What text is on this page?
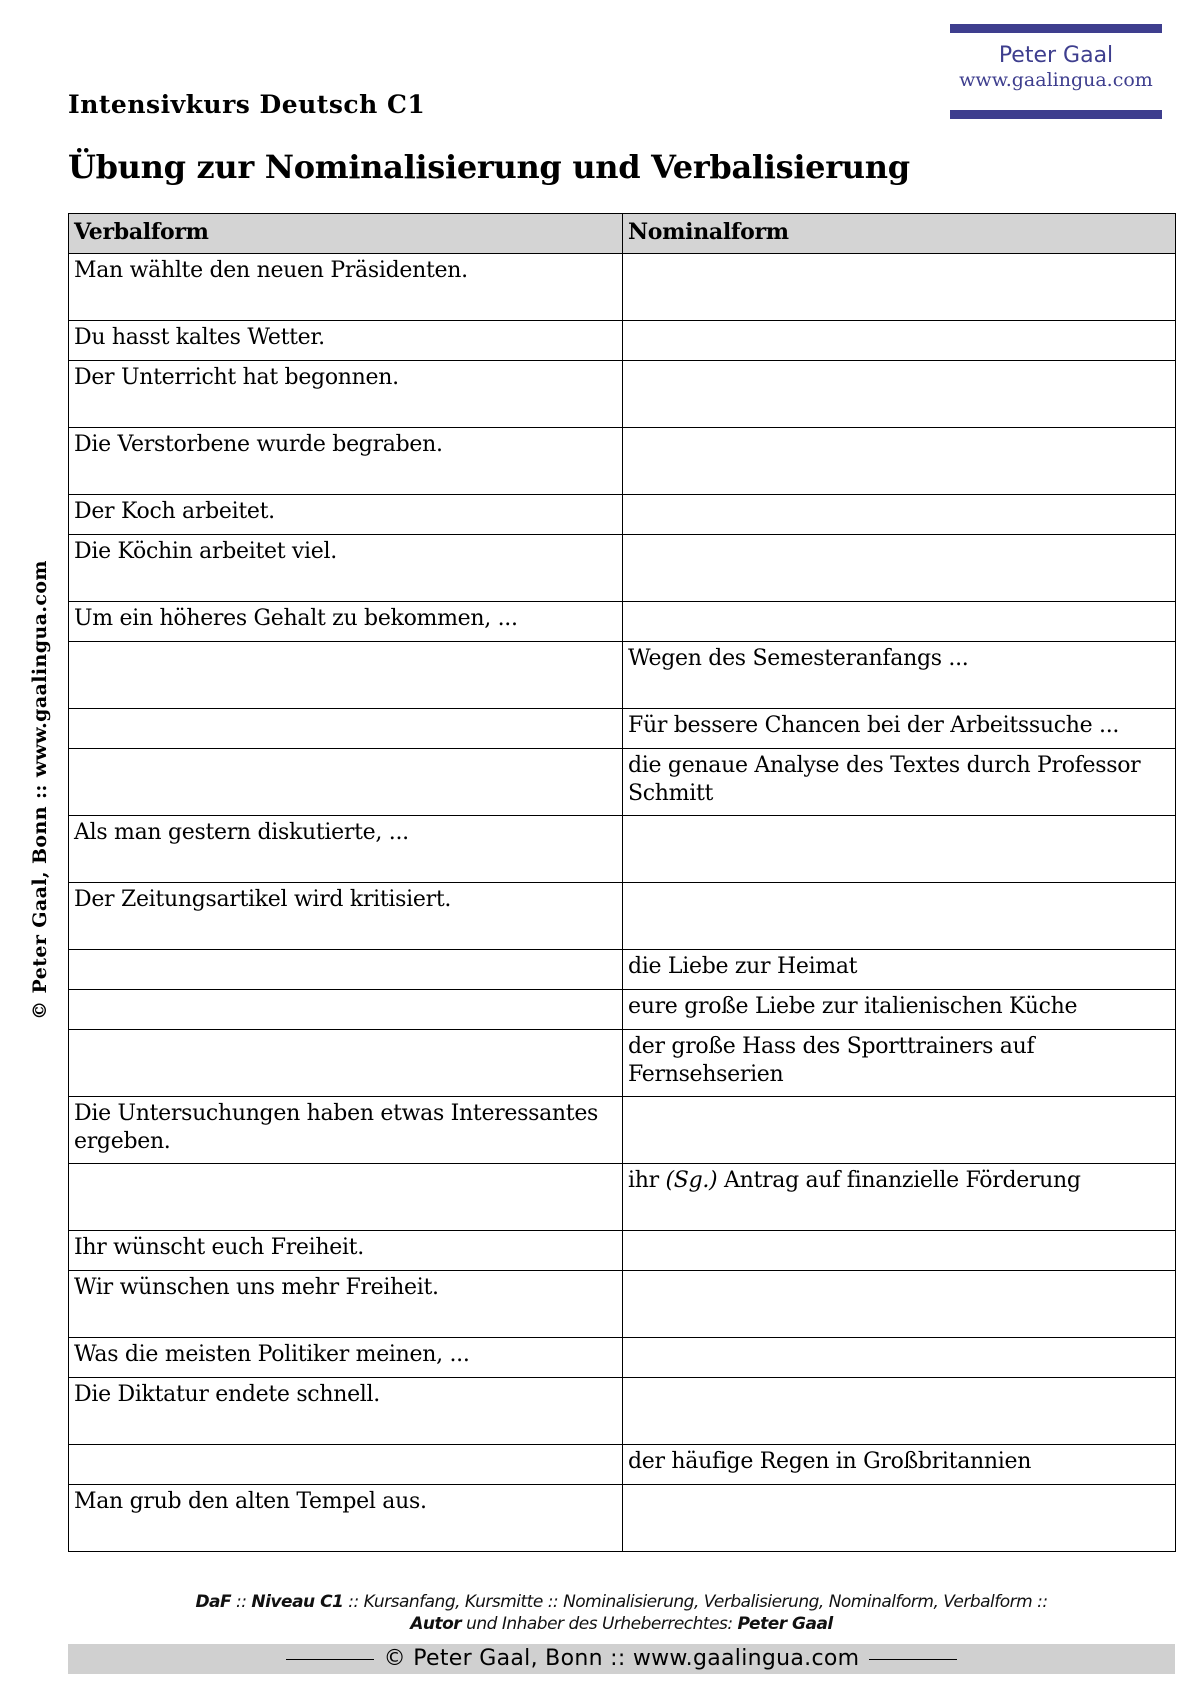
Peter Gaal
www.gaalingua.com
Intensivkurs Deutsch C1
Übung zur Nominalisierung und Verbalisierung
© Peter Gaal, Bonn :: www.gaalingua.com
Verbalform	Nominalform
Man wählte den neuen Präsidenten.	
Du hasst kaltes Wetter.	
Der Unterricht hat begonnen.	
Die Verstorbene wurde begraben.	
Der Koch arbeitet.	
Die Köchin arbeitet viel.	
Um ein höheres Gehalt zu bekommen, ...	
	Wegen des Semesteranfangs ...
	Für bessere Chancen bei der Arbeitssuche ...
	die genaue Analyse des Textes durch Professor Schmitt
Als man gestern diskutierte, ...	
Der Zeitungsartikel wird kritisiert.	
	die Liebe zur Heimat
	eure große Liebe zur italienischen Küche
	der große Hass des Sporttrainers auf Fernsehserien
Die Untersuchungen haben etwas Interessantes ergeben.	
	ihr (Sg.) Antrag auf finanzielle Förderung
Ihr wünscht euch Freiheit.	
Wir wünschen uns mehr Freiheit.	
Was die meisten Politiker meinen, ...	
Die Diktatur endete schnell.	
	der häufige Regen in Großbritannien
Man grub den alten Tempel aus.	
DaF :: Niveau C1 :: Kursanfang, Kursmitte :: Nominalisierung, Verbalisierung, Nominalform, Verbalform ::
Autor und Inhaber des Urheberrechtes: Peter Gaal
© Peter Gaal, Bonn :: www.gaalingua.com
